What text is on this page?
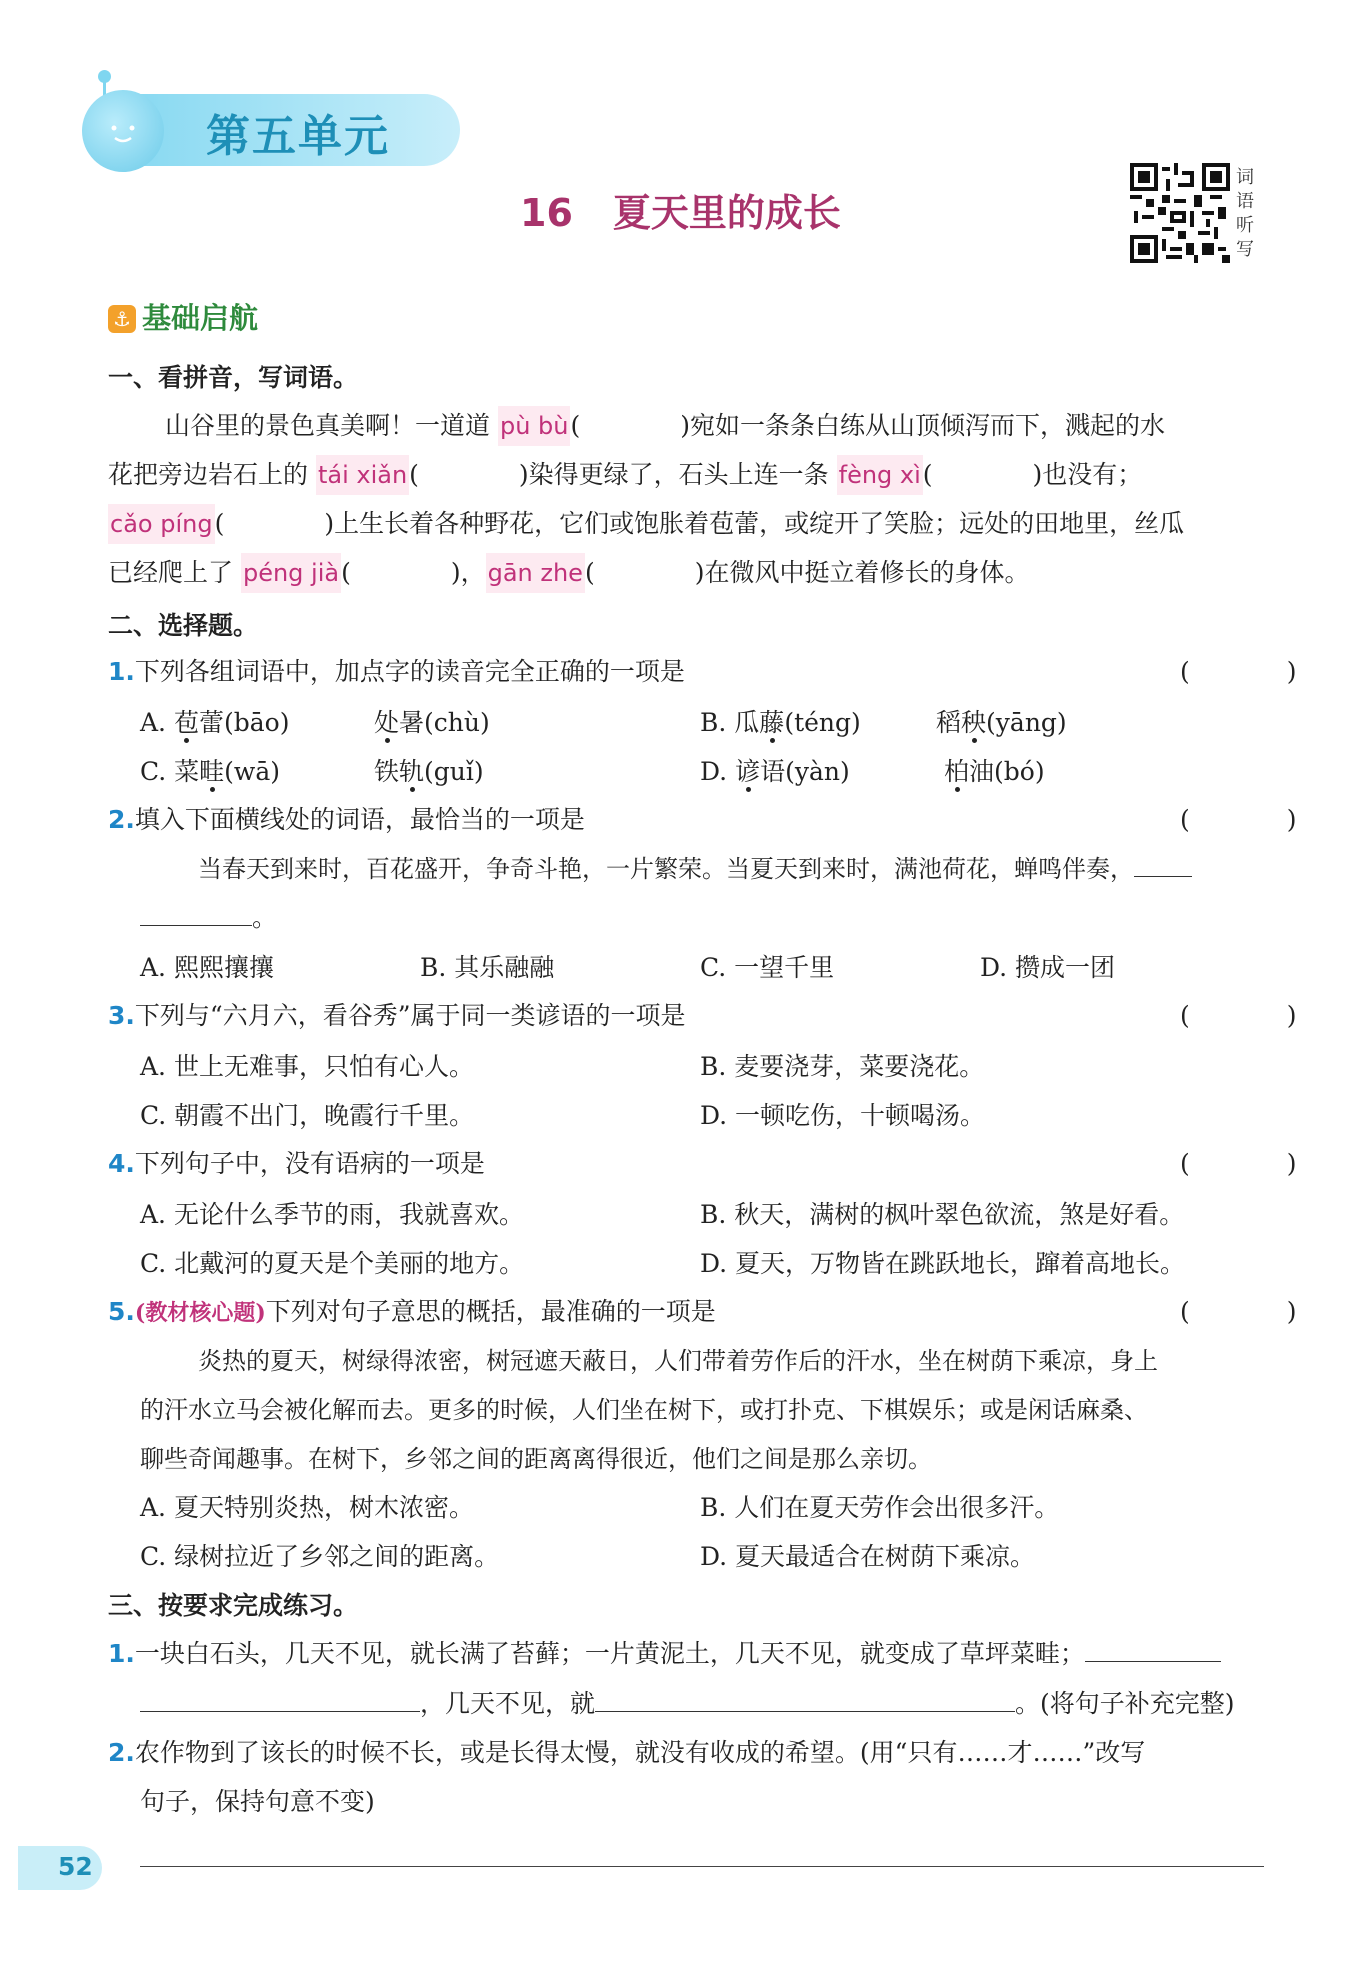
第五单元
16 夏天里的成长
词语听写
⚓ 基础启航
一、看拼音，写词语。
山谷里的景色真美啊！一道道 pù bù(　　　　)宛如一条条白练从山顶倾泻而下，溅起的水
花把旁边岩石上的 tái xiǎn(　　　　)染得更绿了，石头上连一条 fèng xì(　　　　)也没有；
cǎo píng(　　　　)上生长着各种野花，它们或饱胀着苞蕾，或绽开了笑脸；远处的田地里，丝瓜
已经爬上了 péng jià(　　　　)，gān zhe(　　　　)在微风中挺立着修长的身体。
二、选择题。
1.下列各组词语中，加点字的读音完全正确的一项是	(　)
A. 苞蕾(bāo)	处暑(chù)	B. 瓜藤(téng)	稻秧(yāng)
C. 菜畦(wā)	铁轨(guǐ)	D. 谚语(yàn)	柏油(bó)
2.填入下面横线处的词语，最恰当的一项是	(　)
当春天到来时，百花盛开，争奇斗艳，一片繁荣。当夏天到来时，满池荷花，蝉鸣伴奏，
。
A. 熙熙攘攘	B. 其乐融融	C. 一望千里	D. 攒成一团
3.下列与“六月六，看谷秀”属于同一类谚语的一项是	(　)
A. 世上无难事，只怕有心人。	B. 麦要浇芽，菜要浇花。
C. 朝霞不出门，晚霞行千里。	D. 一顿吃伤，十顿喝汤。
4.下列句子中，没有语病的一项是	(　)
A. 无论什么季节的雨，我就喜欢。	B. 秋天，满树的枫叶翠色欲流，煞是好看。
C. 北戴河的夏天是个美丽的地方。	D. 夏天，万物皆在跳跃地长，蹿着高地长。
5.(教材核心题)下列对句子意思的概括，最准确的一项是	(　)
炎热的夏天，树绿得浓密，树冠遮天蔽日，人们带着劳作后的汗水，坐在树荫下乘凉，身上
的汗水立马会被化解而去。更多的时候，人们坐在树下，或打扑克、下棋娱乐；或是闲话麻桑、
聊些奇闻趣事。在树下，乡邻之间的距离离得很近，他们之间是那么亲切。
A. 夏天特别炎热，树木浓密。	B. 人们在夏天劳作会出很多汗。
C. 绿树拉近了乡邻之间的距离。	D. 夏天最适合在树荫下乘凉。
三、按要求完成练习。
1.一块白石头，几天不见，就长满了苔藓；一片黄泥土，几天不见，就变成了草坪菜畦；
，几天不见，就	。(将句子补充完整)
2.农作物到了该长的时候不长，或是长得太慢，就没有收成的希望。(用“只有……才……”改写
句子，保持句意不变)
52
